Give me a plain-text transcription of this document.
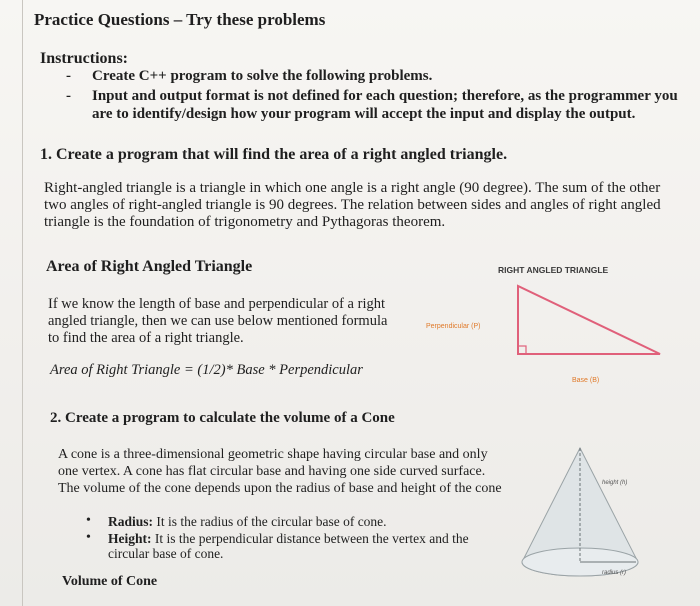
Practice Questions – Try these problems
Instructions:
- Create C++ program to solve the following problems.
- Input and output format is not defined for each question; therefore, as the programmer you
are to identify/design how your program will accept the input and display the output.
1. Create a program that will find the area of a right angled triangle.
Right-angled triangle is a triangle in which one angle is a right angle (90 degree). The sum of the other
two angles of right-angled triangle is 90 degrees. The relation between sides and angles of right angled
triangle is the foundation of trigonometry and Pythagoras theorem.
Area of Right Angled Triangle
If we know the length of base and perpendicular of a right
angled triangle, then we can use below mentioned formula
to find the area of a right triangle.
Area of Right Triangle = (1/2)* Base * Perpendicular
RIGHT ANGLED TRIANGLE
Perpendicular (P)
Base (B)
2. Create a program to calculate the volume of a Cone
A cone is a three-dimensional geometric shape having circular base and only
one vertex. A cone has flat circular base and having one side curved surface.
The volume of the cone depends upon the radius of base and height of the cone
• Radius: It is the radius of the circular base of cone.
• Height: It is the perpendicular distance between the vertex and the
circular base of cone.
Volume of Cone
height (h)
radius (r)
